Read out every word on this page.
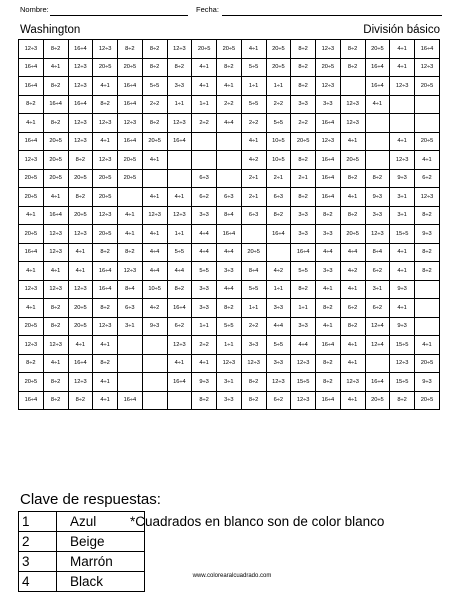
Nombre:	Fecha:
Washington	División básico
12÷3	8÷2	16÷4	12÷3	8÷2	8÷2	12÷3	20÷5	20÷5	4÷1	20÷5	8÷2	12÷3	8÷2	20÷5	4÷1	16÷4
16÷4	4÷1	12÷3	20÷5	20÷5	8÷2	8÷2	4÷1	8÷2	5÷5	20÷5	8÷2	20÷5	8÷2	16÷4	4÷1	12÷3
16÷4	8÷2	12÷3	4÷1	16÷4	5÷5	3÷3	4÷1	4÷1	1÷1	1÷1	8÷2	12÷3		16÷4	12÷3	20÷5
8÷2	16÷4	16÷4	8÷2	16÷4	2÷2	1÷1	1÷1	2÷2	5÷5	2÷2	3÷3	3÷3	12÷3	4÷1		
4÷1	8÷2	12÷3	12÷3	12÷3	8÷2	12÷3	2÷2	4÷4	2÷2	5÷5	2÷2	16÷4	12÷3			
16÷4	20÷5	12÷3	4÷1	16÷4	20÷5	16÷4			4÷1	10÷5	20÷5	12÷3	4÷1		4÷1	20÷5
12÷3	20÷5	8÷2	12÷3	20÷5	4÷1				4÷2	10÷5	8÷2	16÷4	20÷5		12÷3	4÷1
20÷5	20÷5	20÷5	20÷5	20÷5			6÷3		2÷1	2÷1	2÷1	16÷4	8÷2	8÷2	9÷3	6÷2
20÷5	4÷1	8÷2	20÷5		4÷1	4÷1	6÷2	6÷3	2÷1	6÷3	8÷2	16÷4	4÷1	9÷3	3÷1	12÷3
4÷1	16÷4	20÷5	12÷3	4÷1	12÷3	12÷3	3÷3	8÷4	6÷3	8÷2	3÷3	8÷2	8÷2	3÷3	3÷1	8÷2
20÷5	12÷3	12÷3	20÷5	4÷1	4÷1	1÷1	4÷4	16÷4		16÷4	3÷3	3÷3	20÷5	12÷3	15÷5	9÷3
16÷4	12÷3	4÷1	8÷2	8÷2	4÷4	5÷5	4÷4	4÷4	20÷5		16÷4	4÷4	4÷4	8÷4	4÷1	8÷2
4÷1	4÷1	4÷1	16÷4	12÷3	4÷4	4÷4	5÷5	3÷3	8÷4	4÷2	5÷5	3÷3	4÷2	6÷2	4÷1	8÷2
12÷3	12÷3	12÷3	16÷4	8÷4	10÷5	8÷2	3÷3	4÷4	5÷5	1÷1	8÷2	4÷1	4÷1	3÷1	9÷3	
4÷1	8÷2	20÷5	8÷2	6÷3	4÷2	16÷4	3÷3	8÷2	1÷1	3÷3	1÷1	8÷2	6÷2	6÷2	4÷1	
20÷5	8÷2	20÷5	12÷3	3÷1	9÷3	6÷2	1÷1	5÷5	2÷2	4÷4	3÷3	4÷1	8÷2	12÷4	9÷3	
12÷3	12÷3	4÷1	4÷1			12÷3	2÷2	1÷1	3÷3	5÷5	4÷4	16÷4	4÷1	12÷4	15÷5	4÷1
8÷2	4÷1	16÷4	8÷2			4÷1	4÷1	12÷3	12÷3	3÷3	12÷3	8÷2	4÷1		12÷3	20÷5
20÷5	8÷2	12÷3	4÷1			16÷4	9÷3	3÷1	8÷2	12÷3	15÷5	8÷2	12÷3	16÷4	15÷5	9÷3
16÷4	8÷2	8÷2	4÷1	16÷4			8÷2	3÷3	8÷2	6÷2	12÷3	16÷4	4÷1	20÷5	8÷2	20÷5
Clave de respuestas:
1	Azul
2	Beige
3	Marrón
4	Black
*Cuadrados en blanco son de color blanco
www.colorearalcuadrado.com
